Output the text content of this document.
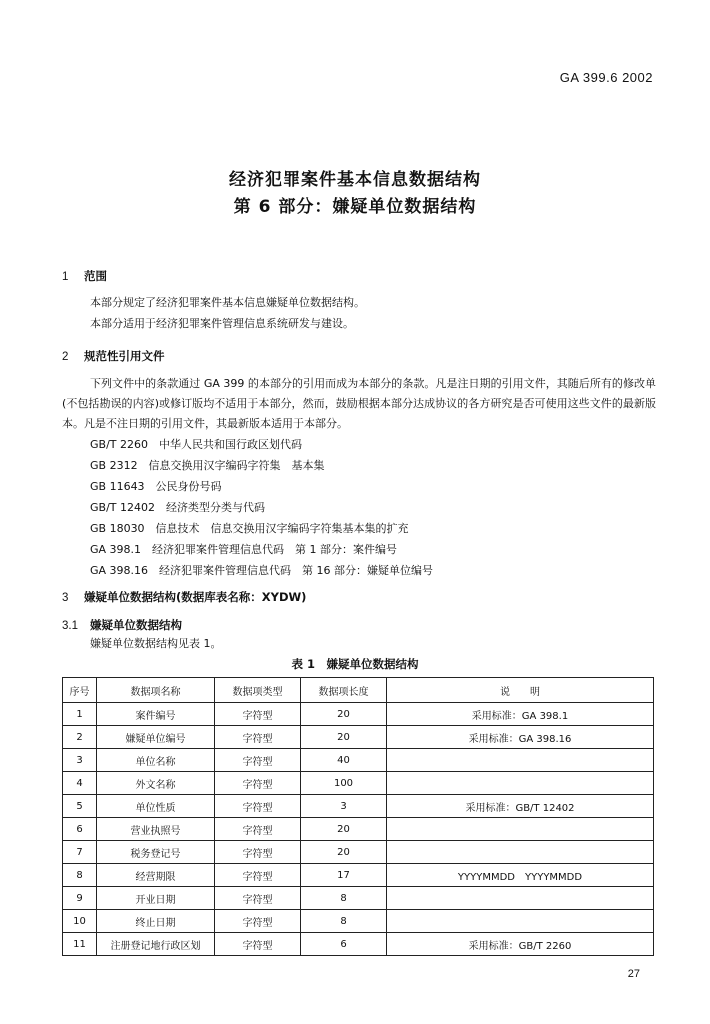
GA 399.6 2002
经济犯罪案件基本信息数据结构
第 6 部分：嫌疑单位数据结构
1 范围
本部分规定了经济犯罪案件基本信息嫌疑单位数据结构。
本部分适用于经济犯罪案件管理信息系统研发与建设。
2 规范性引用文件
下列文件中的条款通过 GA 399 的本部分的引用而成为本部分的条款。凡是注日期的引用文件，其随后所有的修改单(不包括勘误的内容)或修订版均不适用于本部分，然而，鼓励根据本部分达成协议的各方研究是否可使用这些文件的最新版本。凡是不注日期的引用文件，其最新版本适用于本部分。
GB/T 2260　中华人民共和国行政区划代码
GB 2312　信息交换用汉字编码字符集　基本集
GB 11643　公民身份号码
GB/T 12402　经济类型分类与代码
GB 18030　信息技术　信息交换用汉字编码字符集基本集的扩充
GA 398.1　经济犯罪案件管理信息代码　第 1 部分：案件编号
GA 398.16　经济犯罪案件管理信息代码　第 16 部分：嫌疑单位编号
3 嫌疑单位数据结构(数据库表名称：XYDW)
3.1 嫌疑单位数据结构
嫌疑单位数据结构见表 1。
表 1　嫌疑单位数据结构
序号	数据项名称	数据项类型	数据项长度	说　　明
1	案件编号	字符型	20	采用标准：GA 398.1
2	嫌疑单位编号	字符型	20	采用标准：GA 398.16
3	单位名称	字符型	40	
4	外文名称	字符型	100	
5	单位性质	字符型	3	采用标准：GB/T 12402
6	营业执照号	字符型	20	
7	税务登记号	字符型	20	
8	经营期限	字符型	17	YYYYMMDD　YYYYMMDD
9	开业日期	字符型	8	
10	终止日期	字符型	8	
11	注册登记地行政区划	字符型	6	采用标准：GB/T 2260
27
